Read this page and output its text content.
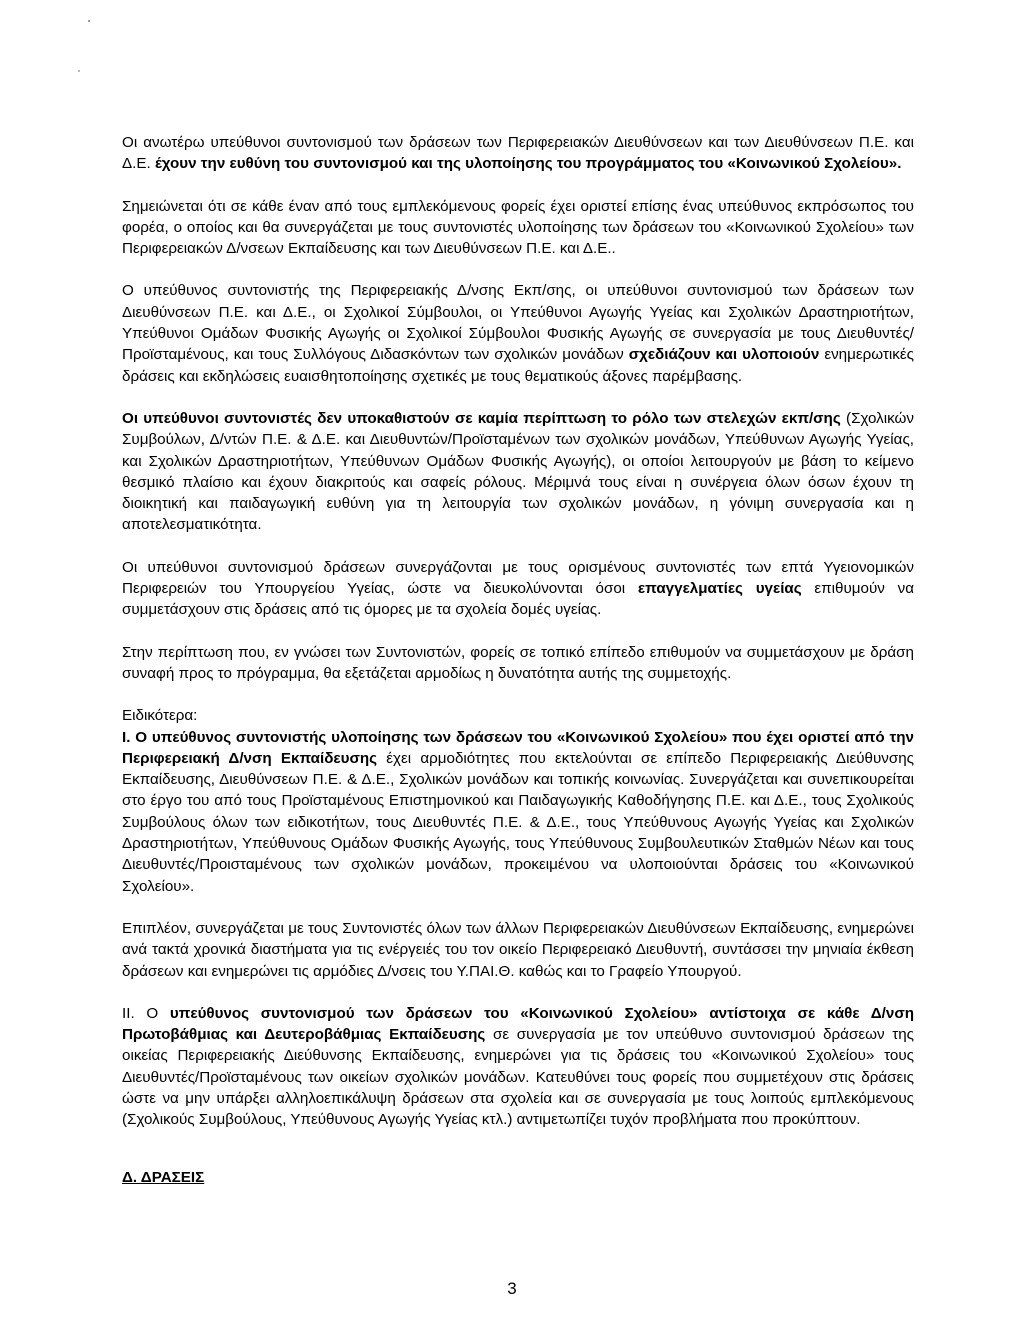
Οι ανωτέρω υπεύθυνοι συντονισμού των δράσεων των Περιφερειακών Διευθύνσεων και των Διευθύνσεων Π.Ε. και Δ.Ε. έχουν την ευθύνη του συντονισμού και της υλοποίησης του προγράμματος του «Κοινωνικού Σχολείου».

Σημειώνεται ότι σε κάθε έναν από τους εμπλεκόμενους φορείς έχει οριστεί επίσης ένας υπεύθυνος εκπρόσωπος του φορέα, ο οποίος και θα συνεργάζεται με τους συντονιστές υλοποίησης των δράσεων του «Κοινωνικού Σχολείου» των Περιφερειακών Δ/νσεων Εκπαίδευσης και των Διευθύνσεων Π.Ε. και Δ.Ε..

Ο υπεύθυνος συντονιστής της Περιφερειακής Δ/νσης Εκπ/σης, οι υπεύθυνοι συντονισμού των δράσεων των Διευθύνσεων Π.Ε. και Δ.Ε., οι Σχολικοί Σύμβουλοι, οι Υπεύθυνοι Αγωγής Υγείας και Σχολικών Δραστηριοτήτων, Υπεύθυνοι Ομάδων Φυσικής Αγωγής οι Σχολικοί Σύμβουλοι Φυσικής Αγωγής σε συνεργασία με τους Διευθυντές/Προϊσταμένους, και τους Συλλόγους Διδασκόντων των σχολικών μονάδων σχεδιάζουν και υλοποιούν ενημερωτικές δράσεις και εκδηλώσεις ευαισθητοποίησης σχετικές με τους θεματικούς άξονες παρέμβασης.

Οι υπεύθυνοι συντονιστές δεν υποκαθιστούν σε καμία περίπτωση το ρόλο των στελεχών εκπ/σης (Σχολικών Συμβούλων, Δ/ντών Π.Ε. & Δ.Ε. και Διευθυντών/Προϊσταμένων των σχολικών μονάδων, Υπεύθυνων Αγωγής Υγείας, και Σχολικών Δραστηριοτήτων, Υπεύθυνων Ομάδων Φυσικής Αγωγής), οι οποίοι λειτουργούν με βάση το κείμενο θεσμικό πλαίσιο και έχουν διακριτούς και σαφείς ρόλους. Μέριμνά τους είναι η συνέργεια όλων όσων έχουν τη διοικητική και παιδαγωγική ευθύνη για τη λειτουργία των σχολικών μονάδων, η γόνιμη συνεργασία και η αποτελεσματικότητα.

Οι υπεύθυνοι συντονισμού δράσεων συνεργάζονται με τους ορισμένους συντονιστές των επτά Υγειονομικών Περιφερειών του Υπουργείου Υγείας, ώστε να διευκολύνονται όσοι επαγγελματίες υγείας επιθυμούν να συμμετάσχουν στις δράσεις από τις όμορες με τα σχολεία δομές υγείας.

Στην περίπτωση που, εν γνώσει των Συντονιστών, φορείς σε τοπικό επίπεδο επιθυμούν να συμμετάσχουν με δράση συναφή προς το πρόγραμμα, θα εξετάζεται αρμοδίως η δυνατότητα αυτής της συμμετοχής.

Ειδικότερα:

I. Ο υπεύθυνος συντονιστής υλοποίησης των δράσεων του «Κοινωνικού Σχολείου» που έχει οριστεί από την Περιφερειακή Δ/νση Εκπαίδευσης έχει αρμοδιότητες που εκτελούνται σε επίπεδο Περιφερειακής Διεύθυνσης Εκπαίδευσης, Διευθύνσεων Π.Ε. & Δ.Ε., Σχολικών μονάδων και τοπικής κοινωνίας. Συνεργάζεται και συνεπικουρείται στο έργο του από τους Προϊσταμένους Επιστημονικού και Παιδαγωγικής Καθοδήγησης Π.Ε. και Δ.Ε., τους Σχολικούς Συμβούλους όλων των ειδικοτήτων, τους Διευθυντές Π.Ε. & Δ.Ε., τους Υπεύθυνους Αγωγής Υγείας και Σχολικών Δραστηριοτήτων, Υπεύθυνους Ομάδων Φυσικής Αγωγής, τους Υπεύθυνους Συμβουλευτικών Σταθμών Νέων και τους Διευθυντές/Προισταμένους των σχολικών μονάδων, προκειμένου να υλοποιούνται δράσεις του «Κοινωνικού Σχολείου».

Επιπλέον, συνεργάζεται με τους Συντονιστές όλων των άλλων Περιφερειακών Διευθύνσεων Εκπαίδευσης, ενημερώνει ανά τακτά χρονικά διαστήματα για τις ενέργειές του τον οικείο Περιφερειακό Διευθυντή, συντάσσει την μηνιαία έκθεση δράσεων και ενημερώνει τις αρμόδιες Δ/νσεις του Υ.ΠΑΙ.Θ. καθώς και το Γραφείο Υπουργού.

II. Ο υπεύθυνος συντονισμού των δράσεων του «Κοινωνικού Σχολείου» αντίστοιχα σε κάθε Δ/νση Πρωτοβάθμιας και Δευτεροβάθμιας Εκπαίδευσης σε συνεργασία με τον υπεύθυνο συντονισμού δράσεων της οικείας Περιφερειακής Διεύθυνσης Εκπαίδευσης, ενημερώνει για τις δράσεις του «Κοινωνικού Σχολείου» τους Διευθυντές/Προϊσταμένους των οικείων σχολικών μονάδων. Κατευθύνει τους φορείς που συμμετέχουν στις δράσεις ώστε να μην υπάρξει αλληλοεπικάλυψη δράσεων στα σχολεία και σε συνεργασία με τους λοιπούς εμπλεκόμενους (Σχολικούς Συμβούλους, Υπεύθυνους Αγωγής Υγείας κτλ.) αντιμετωπίζει τυχόν προβλήματα που προκύπτουν.

Δ. ΔΡΑΣΕΙΣ

3
